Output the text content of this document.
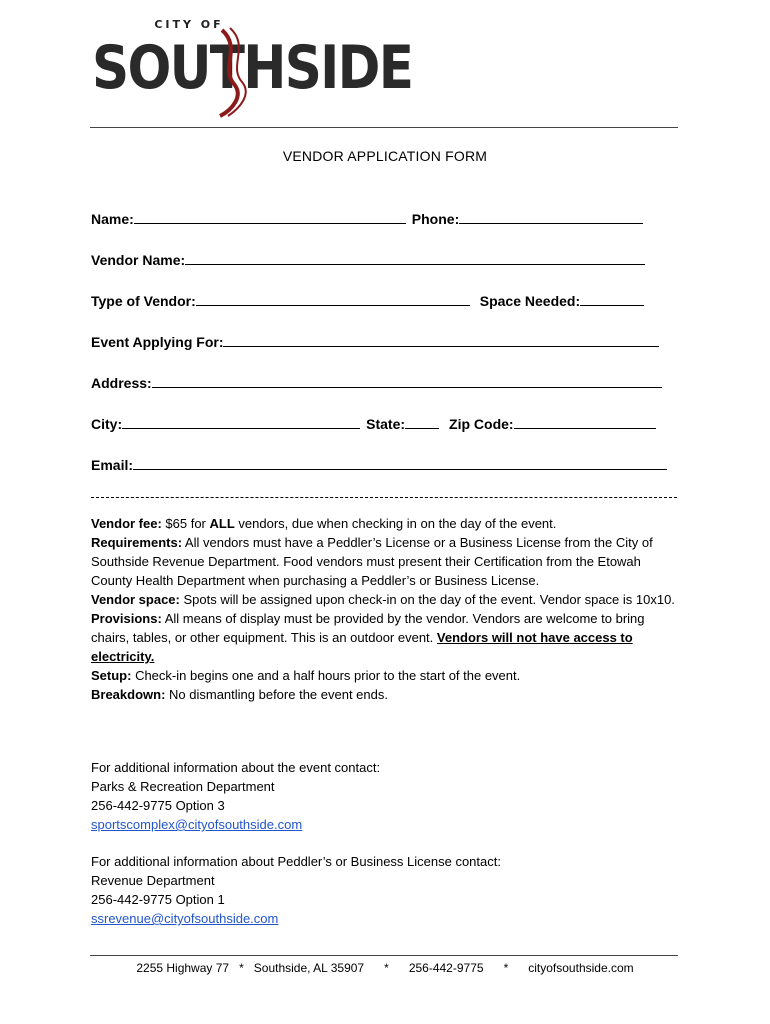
CITY OF
SOUTHSIDE
VENDOR APPLICATION FORM
Name:	Phone:
Vendor Name:
Type of Vendor:	Space Needed:
Event Applying For:
Address:
City:	State:	Zip Code:
Email:

Vendor fee: $65 for ALL vendors, due when checking in on the day of the event.

Requirements: All vendors must have a Peddler’s License or a Business License from the City of Southside Revenue Department. Food vendors must present their Certification from the Etowah County Health Department when purchasing a Peddler’s or Business License.

Vendor space: Spots will be assigned upon check-in on the day of the event. Vendor space is 10x10.

Provisions: All means of display must be provided by the vendor. Vendors are welcome to bring chairs, tables, or other equipment. This is an outdoor event. Vendors will not have access to electricity.

Setup: Check-in begins one and a half hours prior to the start of the event.

Breakdown: No dismantling before the event ends.

For additional information about the event contact:
Parks & Recreation Department
256-442-9775 Option 3
sportscomplex@cityofsouthside.com
For additional information about Peddler’s or Business License contact:
Revenue Department
256-442-9775 Option 1
ssrevenue@cityofsouthside.com
2255 Highway 77 * Southside, AL 35907 * 256-442-9775 * cityofsouthside.com
